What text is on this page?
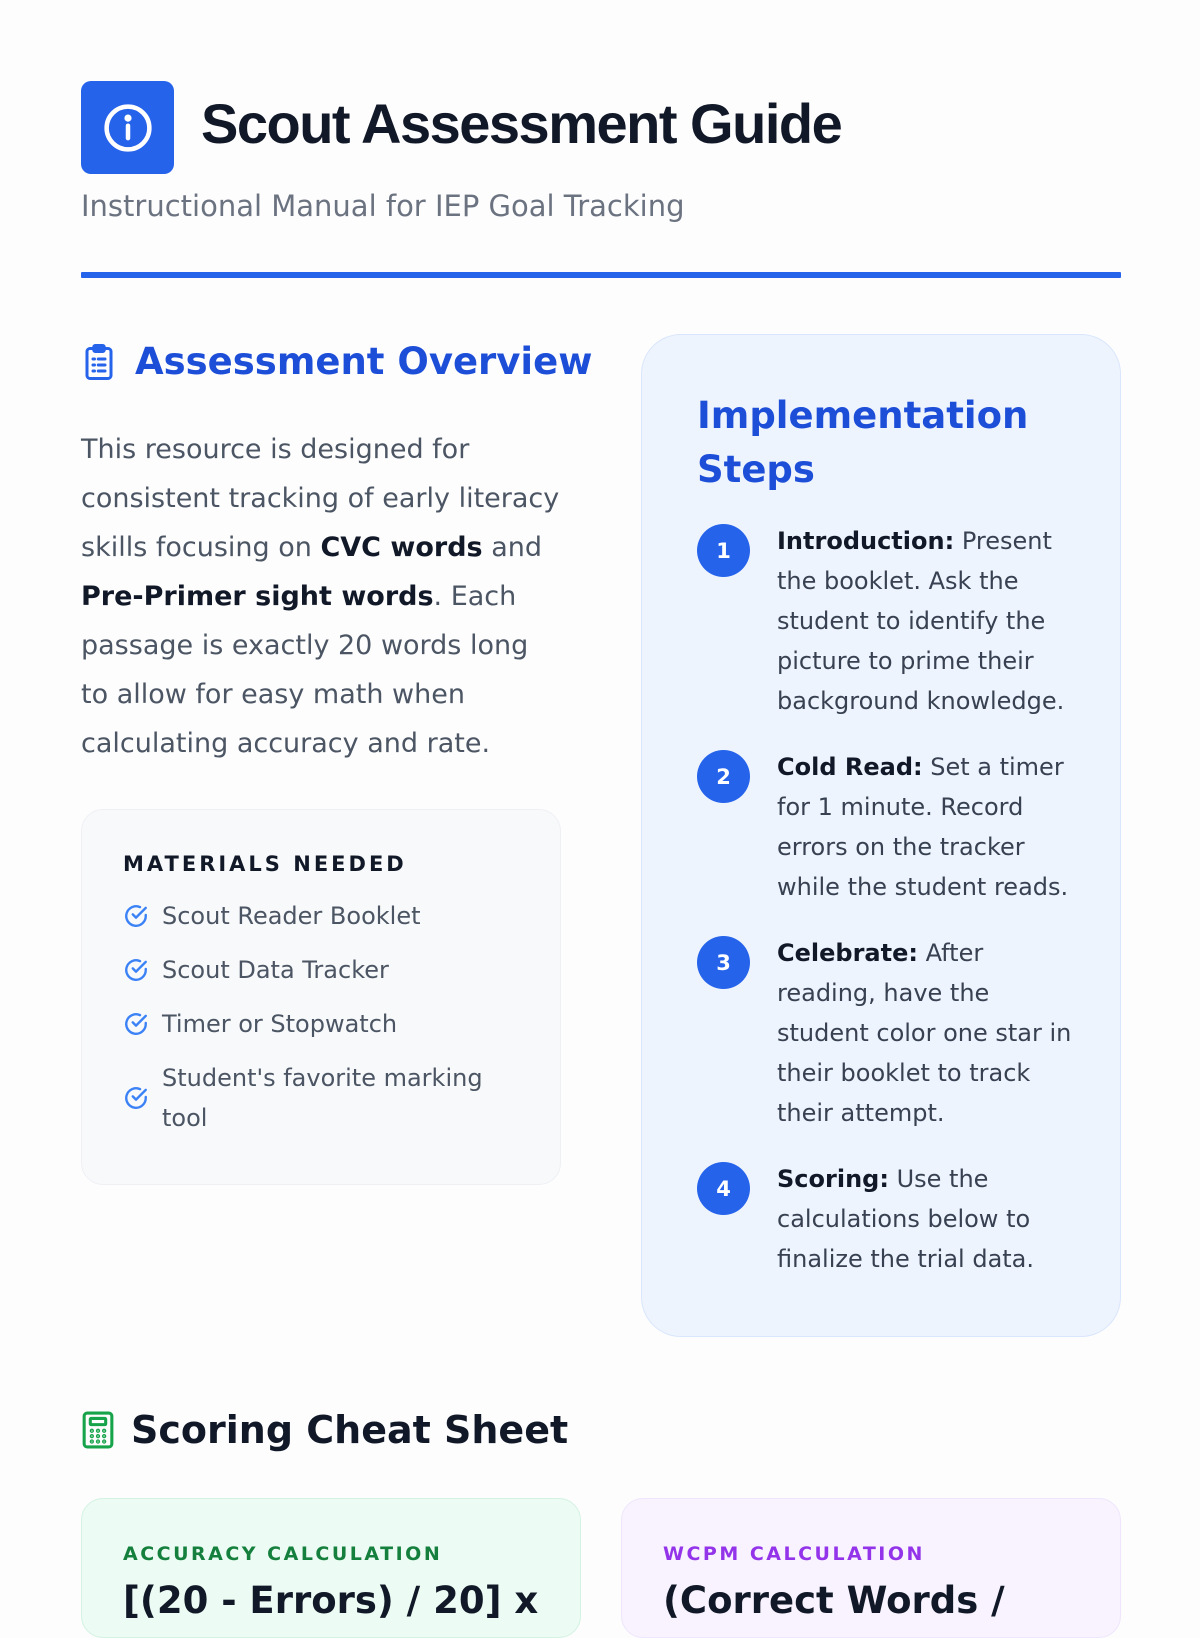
Scout Assessment Guide
Instructional Manual for IEP Goal Tracking
Assessment Overview

This resource is designed for consistent tracking of early literacy skills focusing on CVC words and Pre-Primer sight words. Each passage is exactly 20 words long to allow for easy math when calculating accuracy and rate.

MATERIALS NEEDED
Scout Reader Booklet
Scout Data Tracker
Timer or Stopwatch
Student's favorite marking tool
Implementation Steps
1	Introduction: Present the booklet. Ask the student to identify the picture to prime their background knowledge.
2	Cold Read: Set a timer for 1 minute. Record errors on the tracker while the student reads.
3	Celebrate: After reading, have the student color one star in their booklet to track their attempt.
4	Scoring: Use the calculations below to finalize the trial data.
Scoring Cheat Sheet
ACCURACY CALCULATION
[(20 - Errors) / 20] x
WCPM CALCULATION
(Correct Words /
